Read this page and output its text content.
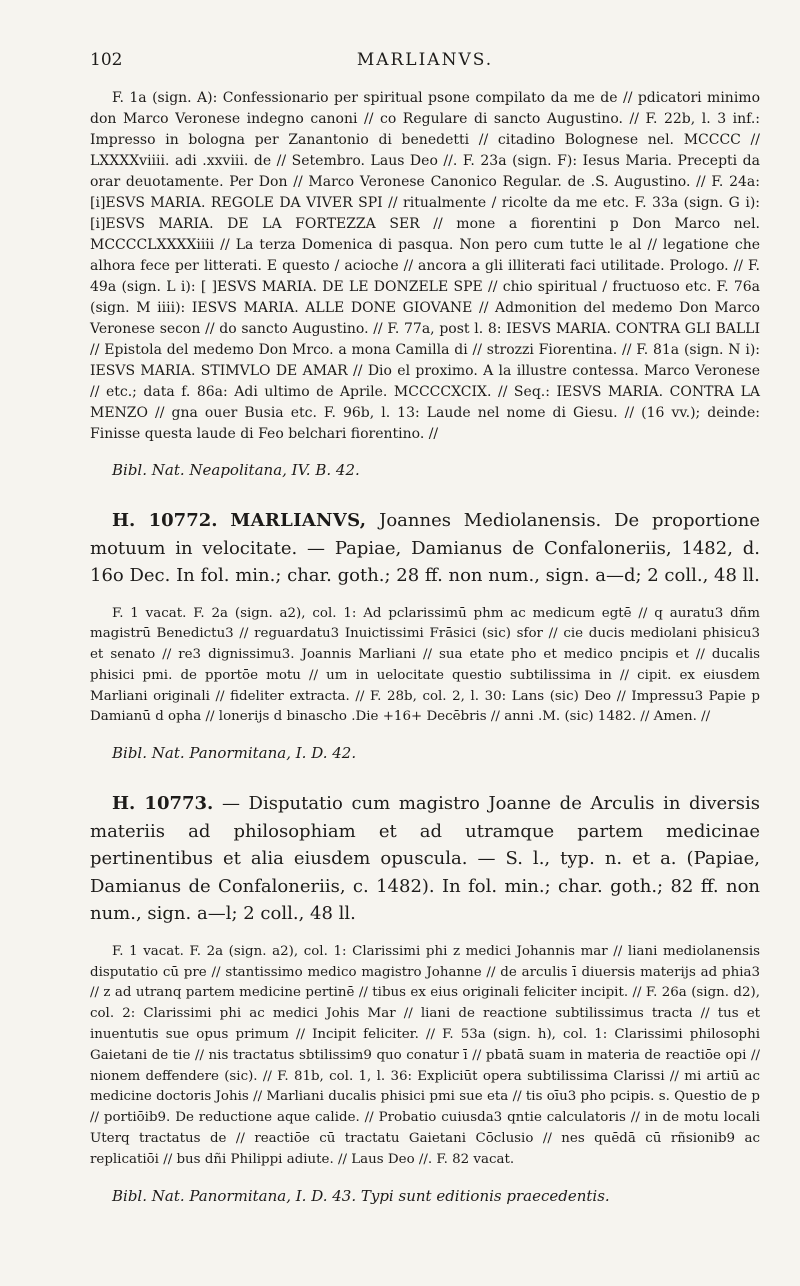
102	MARLIANVS.

F. 1a (sign. A): Confessionario per spiritual psone compilato da me de // pdicatori minimo don Marco Veronese indegno canoni // co Regulare di sancto Augustino. // F. 22b, l. 3 inf.: Impresso in bologna per Zanantonio di benedetti // citadino Bolognese nel. MCCCC // LXXXXviiii. adi .xxviii. de // Setembro. Laus Deo //. F. 23a (sign. F): Iesus Maria. Precepti da orar deuotamente. Per Don // Marco Veronese Canonico Regular. de .S. Augustino. // F. 24a: [i]ESVS MARIA. REGOLE DA VIVER SPI // ritualmente / ricolte da me etc. F. 33a (sign. G i): [i]ESVS MARIA. DE LA FORTEZZA SER // mone a fiorentini p Don Marco nel. MCCCCLXXXXiiii // La terza Domenica di pasqua. Non pero cum tutte le al // legatione che alhora fece per litterati. E questo / acioche // ancora a gli illiterati faci utilitade. Prologo. // F. 49a (sign. L i): [ ]ESVS MARIA. DE LE DONZELE SPE // chio spiritual / fructuoso etc. F. 76a (sign. M iiii): IESVS MARIA. ALLE DONE GIOVANE // Admonition del medemo Don Marco Veronese secon // do sancto Augustino. // F. 77a, post l. 8: IESVS MARIA. CONTRA GLI BALLI // Epistola del medemo Don Mrco. a mona Camilla di // strozzi Fiorentina. // F. 81a (sign. N i): IESVS MARIA. STIMVLO DE AMAR // Dio el proximo. A la illustre contessa. Marco Veronese // etc.; data f. 86a: Adi ultimo de Aprile. MCCCCXCIX. // Seq.: IESVS MARIA. CONTRA LA MENZO // gna ouer Busia etc. F. 96b, l. 13: Laude nel nome di Giesu. // (16 vv.); deinde: Finisse questa laude di Feo belchari fiorentino. //

Bibl. Nat. Neapolitana, IV. B. 42.

H. 10772. MARLIANVS, Joannes Mediolanensis. De proportione motuum in velocitate. — Papiae, Damianus de Confaloneriis, 1482, d. 16o Dec. In fol. min.; char. goth.; 28 ff. non num., sign. a—d; 2 coll., 48 ll.

F. 1 vacat. F. 2a (sign. a2), col. 1: Ad pclarissimū phm ac medicum egtē // q auratu3 dñm magistrū Benedictu3 // reguardatu3 Inuictissimi Frāsici (sic) sfor // cie ducis mediolani phisicu3 et senato // re3 dignissimu3. Joannis Marliani // sua etate pho et medico pncipis et // ducalis phisici pmi. de pportōe motu // um in uelocitate questio subtilissima in // cipit. ex eiusdem Marliani originali // fideliter extracta. // F. 28b, col. 2, l. 30: Lans (sic) Deo // Impressu3 Papie p Damianū d opha // lonerijs d binascho .Die +16+ Decēbris // anni .M. (sic) 1482. // Amen. //

Bibl. Nat. Panormitana, I. D. 42.

H. 10773. — Disputatio cum magistro Joanne de Arculis in diversis materiis ad philosophiam et ad utramque partem medicinae pertinentibus et alia eiusdem opuscula. — S. l., typ. n. et a. (Papiae, Damianus de Confaloneriis, c. 1482). In fol. min.; char. goth.; 82 ff. non num., sign. a—l; 2 coll., 48 ll.

F. 1 vacat. F. 2a (sign. a2), col. 1: Clarissimi phi z medici Johannis mar // liani mediolanensis disputatio cū pre // stantissimo medico magistro Johanne // de arculis ī diuersis materijs ad phia3 // z ad utranq partem medicine pertinē // tibus ex eius originali feliciter incipit. // F. 26a (sign. d2), col. 2: Clarissimi phi ac medici Johis Mar // liani de reactione subtilissimus tracta // tus et inuentutis sue opus primum // Incipit feliciter. // F. 53a (sign. h), col. 1: Clarissimi philosophi Gaietani de tie // nis tractatus sbtilissim9 quo conatur ī // pbatā suam in materia de reactiōe opi // nionem deffendere (sic). // F. 81b, col. 1, l. 36: Expliciūt opera subtilissima Clarissi // mi artiū ac medicine doctoris Johis // Marliani ducalis phisici pmi sue eta // tis oīu3 pho pcipis. s. Questio de p // portiōib9. De reductione aque calide. // Probatio cuiusda3 qntie calculatoris // in de motu locali Uterq tractatus de // reactiōe cū tractatu Gaietani Cōclusio // nes quēdā cū rñsionib9 ac replicatiōi // bus dñi Philippi adiute. // Laus Deo //. F. 82 vacat.

Bibl. Nat. Panormitana, I. D. 43. Typi sunt editionis praecedentis.
